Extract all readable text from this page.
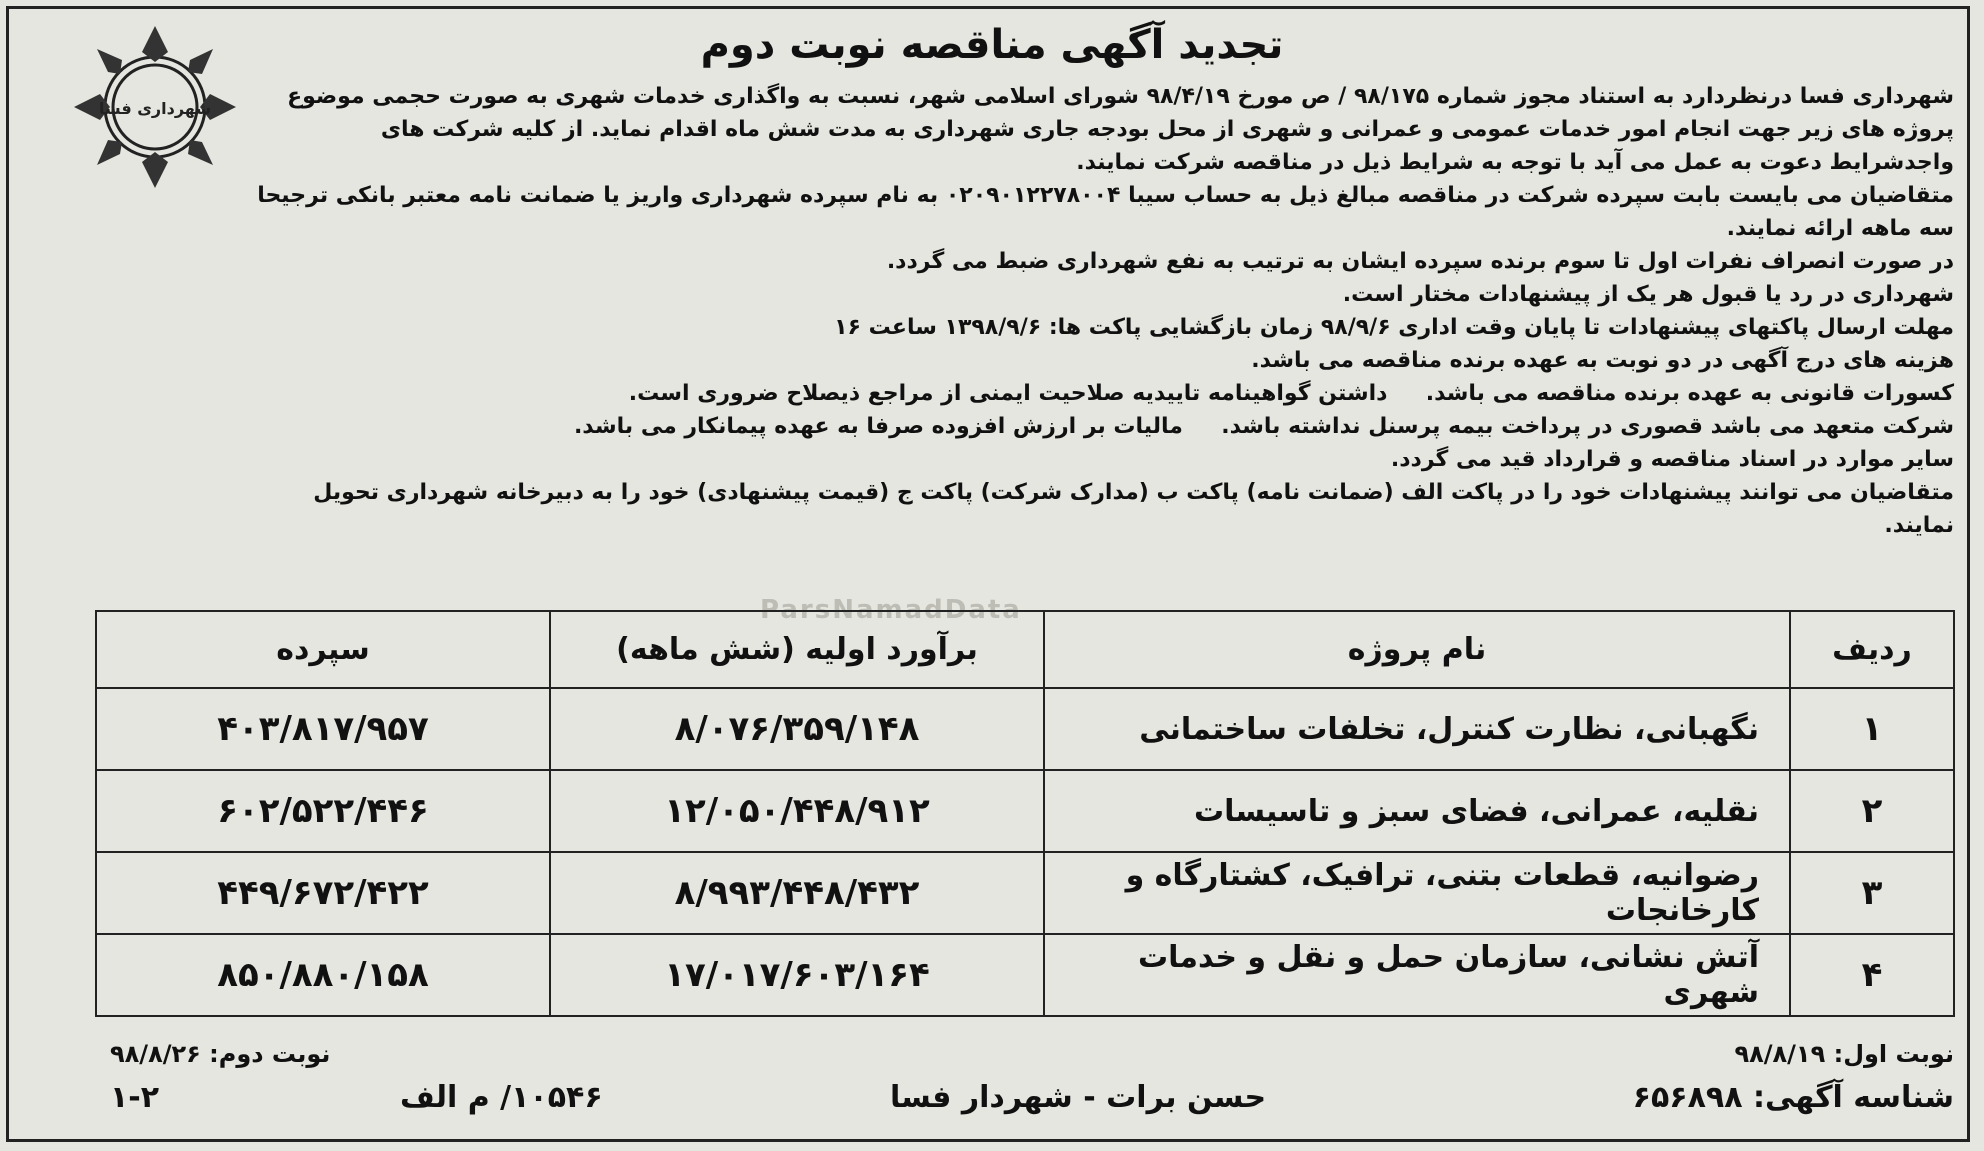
شهرداری فسا
تجدید آگهی مناقصه نوبت دوم

شهرداری فسا درنظردارد به استناد مجوز شماره ۹۸/۱۷۵ / ص مورخ ۹۸/۴/۱۹ شورای اسلامی شهر، نسبت به واگذاری خدمات شهری به صورت حجمی موضوع پروژه های زیر جهت انجام امور خدمات عمومی و عمرانی و شهری از محل بودجه جاری شهرداری به مدت شش ماه اقدام نماید. از کلیه شرکت های واجدشرایط دعوت به عمل می آید با توجه به شرایط ذیل در مناقصه شرکت نمایند.

متقاضیان می بایست بابت سپرده شرکت در مناقصه مبالغ ذیل به حساب سیبا ۰۲۰۹۰۱۲۲۷۸۰۰۴ به نام سپرده شهرداری واریز یا ضمانت نامه معتبر بانکی ترجیحا سه ماهه ارائه نمایند.

در صورت انصراف نفرات اول تا سوم برنده سپرده ایشان به ترتیب به نفع شهرداری ضبط می گردد.

شهرداری در رد یا قبول هر یک از پیشنهادات مختار است.

مهلت ارسال پاکتهای پیشنهادات تا پایان وقت اداری ۹۸/۹/۶ زمان بازگشایی پاکت ها: ۱۳۹۸/۹/۶ ساعت ۱۶

هزینه های درج آگهی در دو نوبت به عهده برنده مناقصه می باشد.

کسورات قانونی به عهده برنده مناقصه می باشد.     داشتن گواهینامه تاییدیه صلاحیت ایمنی از مراجع ذیصلاح ضروری است.

شرکت متعهد می باشد قصوری در پرداخت بیمه پرسنل نداشته باشد.     مالیات بر ارزش افزوده صرفا به عهده پیمانکار می باشد.

سایر موارد در اسناد مناقصه و قرارداد قید می گردد.

متقاضیان می توانند پیشنهادات خود را در پاکت الف (ضمانت نامه) پاکت ب (مدارک شرکت) پاکت ج (قیمت پیشنهادی) خود را به دبیرخانه شهرداری تحویل نمایند.

ParsNamadData
ردیف	نام پروژه	برآورد اولیه (شش ماهه)	سپرده
۱	نگهبانی، نظارت کنترل، تخلفات ساختمانی	۸/۰۷۶/۳۵۹/۱۴۸	۴۰۳/۸۱۷/۹۵۷
۲	نقلیه، عمرانی، فضای سبز و تاسیسات	۱۲/۰۵۰/۴۴۸/۹۱۲	۶۰۲/۵۲۲/۴۴۶
۳	رضوانیه، قطعات بتنی، ترافیک، کشتارگاه و کارخانجات	۸/۹۹۳/۴۴۸/۴۳۲	۴۴۹/۶۷۲/۴۲۲
۴	آتش نشانی، سازمان حمل و نقل و خدمات شهری	۱۷/۰۱۷/۶۰۳/۱۶۴	۸۵۰/۸۸۰/۱۵۸
نوبت اول: ۹۸/۸/۱۹
نوبت دوم: ۹۸/۸/۲۶
شناسه آگهی: ۶۵۶۸۹۸
حسن برات - شهردار فسا
۱۰۵۴۶/ م الف
۱-۲
